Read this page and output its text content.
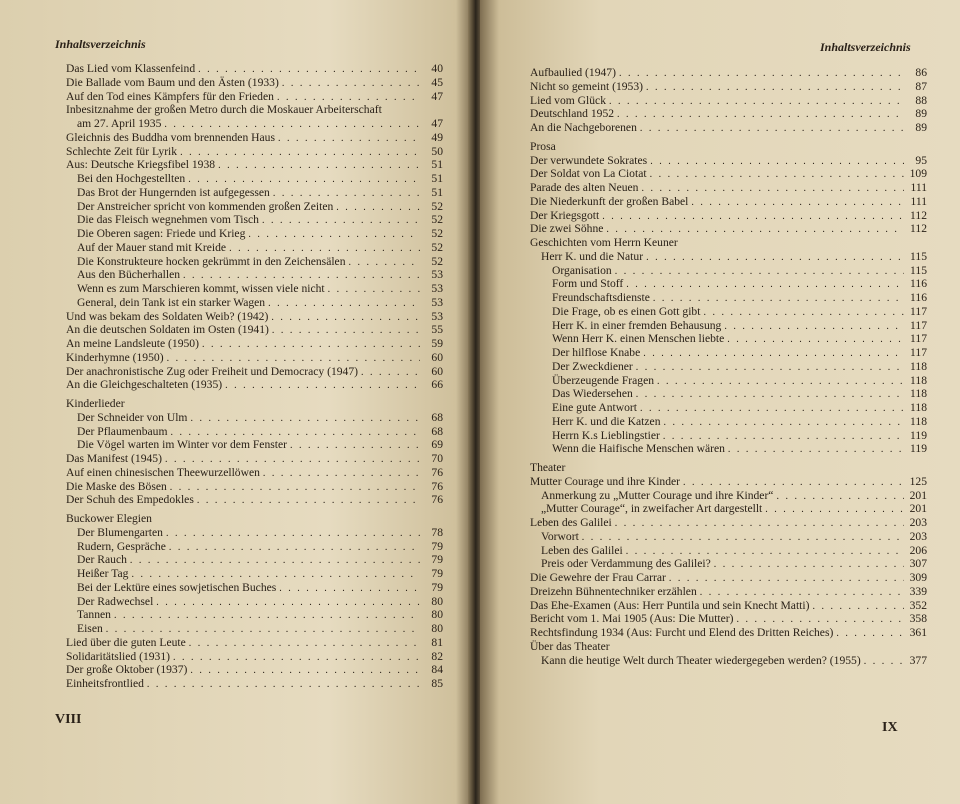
Inhaltsverzeichnis
Das Lied vom Klassenfeind . . .	40
Die Ballade vom Baum und den Ästen (1933) . . .	45
Auf den Tod eines Kämpfers für den Frieden . . .	47
Inbesitznahme der großen Metro durch die Moskauer Arbeiterschaft
am 27. April 1935 . . .	47
Gleichnis des Buddha vom brennenden Haus . . .	49
Schlechte Zeit für Lyrik . . .	50
Aus: Deutsche Kriegsfibel 1938 . . .	51
Bei den Hochgestellten . . .	51
Das Brot der Hungernden ist aufgegessen . . .	51
Der Anstreicher spricht von kommenden großen Zeiten . . .	52
Die das Fleisch wegnehmen vom Tisch . . .	52
Die Oberen sagen: Friede und Krieg . . .	52
Auf der Mauer stand mit Kreide . . .	52
Die Konstrukteure hocken gekrümmt in den Zeichensälen . . .	52
Aus den Bücherhallen . . .	53
Wenn es zum Marschieren kommt, wissen viele nicht . . .	53
General, dein Tank ist ein starker Wagen . . .	53
Und was bekam des Soldaten Weib? (1942) . . .	53
An die deutschen Soldaten im Osten (1941) . . .	55
An meine Landsleute (1950) . . .	59
Kinderhymne (1950) . . .	60
Der anachronistische Zug oder Freiheit und Democracy (1947) . . .	60
An die Gleichgeschalteten (1935) . . .	66
Kinderlieder
Der Schneider von Ulm . . .	68
Der Pflaumenbaum . . .	68
Die Vögel warten im Winter vor dem Fenster . . .	69
Das Manifest (1945) . . .	70
Auf einen chinesischen Theewurzellöwen . . .	76
Die Maske des Bösen . . .	76
Der Schuh des Empedokles . . .	76
Buckower Elegien
Der Blumengarten . . .	78
Rudern, Gespräche . . .	79
Der Rauch . . .	79
Heißer Tag . . .	79
Bei der Lektüre eines sowjetischen Buches . . .	79
Der Radwechsel . . .	80
Tannen . . .	80
Eisen . . .	80
Lied über die guten Leute . . .	81
Solidaritätslied (1931) . . .	82
Der große Oktober (1937) . . .	84
Einheitsfrontlied . . .	85
VIII
Inhaltsverzeichnis
Aufbaulied (1947) . . .	86
Nicht so gemeint (1953) . . .	87
Lied vom Glück . . .	88
Deutschland 1952 . . .	89
An die Nachgeborenen . . .	89
Prosa
Der verwundete Sokrates . . .	95
Der Soldat von La Ciotat . . .	109
Parade des alten Neuen . . .	111
Die Niederkunft der großen Babel . . .	111
Der Kriegsgott . . .	112
Die zwei Söhne . . .	112
Geschichten vom Herrn Keuner
Herr K. und die Natur . . .	115
Organisation . . .	115
Form und Stoff . . .	116
Freundschaftsdienste . . .	116
Die Frage, ob es einen Gott gibt . . .	117
Herr K. in einer fremden Behausung . . .	117
Wenn Herr K. einen Menschen liebte . . .	117
Der hilflose Knabe . . .	117
Der Zweckdiener . . .	118
Überzeugende Fragen . . .	118
Das Wiedersehen . . .	118
Eine gute Antwort . . .	118
Herr K. und die Katzen . . .	118
Herrn K.s Lieblingstier . . .	119
Wenn die Haifische Menschen wären . . .	119
Theater
Mutter Courage und ihre Kinder . . .	125
Anmerkung zu „Mutter Courage und ihre Kinder“ . . .	201
„Mutter Courage“, in zweifacher Art dargestellt . . .	201
Leben des Galilei . . .	203
Vorwort . . .	203
Leben des Galilei . . .	206
Preis oder Verdammung des Galilei? . . .	307
Die Gewehre der Frau Carrar . . .	309
Dreizehn Bühnentechniker erzählen . . .	339
Das Ehe-Examen (Aus: Herr Puntila und sein Knecht Matti) . . .	352
Bericht vom 1. Mai 1905 (Aus: Die Mutter) . . .	358
Rechtsfindung 1934 (Aus: Furcht und Elend des Dritten Reiches) . . .	361
Über das Theater
Kann die heutige Welt durch Theater wiedergegeben werden? (1955) . . .	377
IX
